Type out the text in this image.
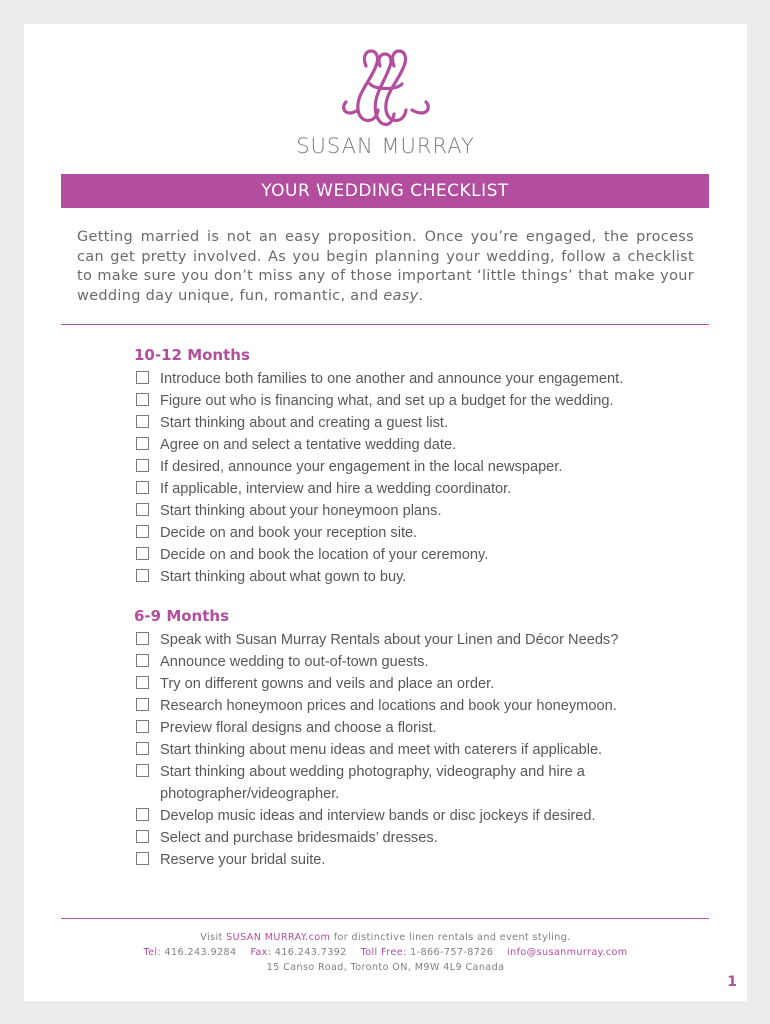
SUSAN MURRAY
YOUR WEDDING CHECKLIST

Getting married is not an easy proposition. Once you’re engaged, the process can get pretty involved. As you begin planning your wedding, follow a checklist to make sure you don’t miss any of those important ‘little things’ that make your wedding day unique, fun, romantic, and easy.

10-12 Months
Introduce both families to one another and announce your engagement.
Figure out who is financing what, and set up a budget for the wedding.
Start thinking about and creating a guest list.
Agree on and select a tentative wedding date.
If desired, announce your engagement in the local newspaper.
If applicable, interview and hire a wedding coordinator.
Start thinking about your honeymoon plans.
Decide on and book your reception site.
Decide on and book the location of your ceremony.
Start thinking about what gown to buy.
6-9 Months
Speak with Susan Murray Rentals about your Linen and Décor Needs?
Announce wedding to out-of-town guests.
Try on different gowns and veils and place an order.
Research honeymoon prices and locations and book your honeymoon.
Preview floral designs and choose a florist.
Start thinking about menu ideas and meet with caterers if applicable.
Start thinking about wedding photography, videography and hire a photographer/videographer.
Develop music ideas and interview bands or disc jockeys if desired.
Select and purchase bridesmaids’ dresses.
Reserve your bridal suite.
Visit SUSAN MURRAY.com for distinctive linen rentals and event styling.
Tel: 416.243.9284 Fax: 416.243.7392 Toll Free: 1-866-757-8726 info@susanmurray.com
15 Canso Road, Toronto ON, M9W 4L9 Canada
1
